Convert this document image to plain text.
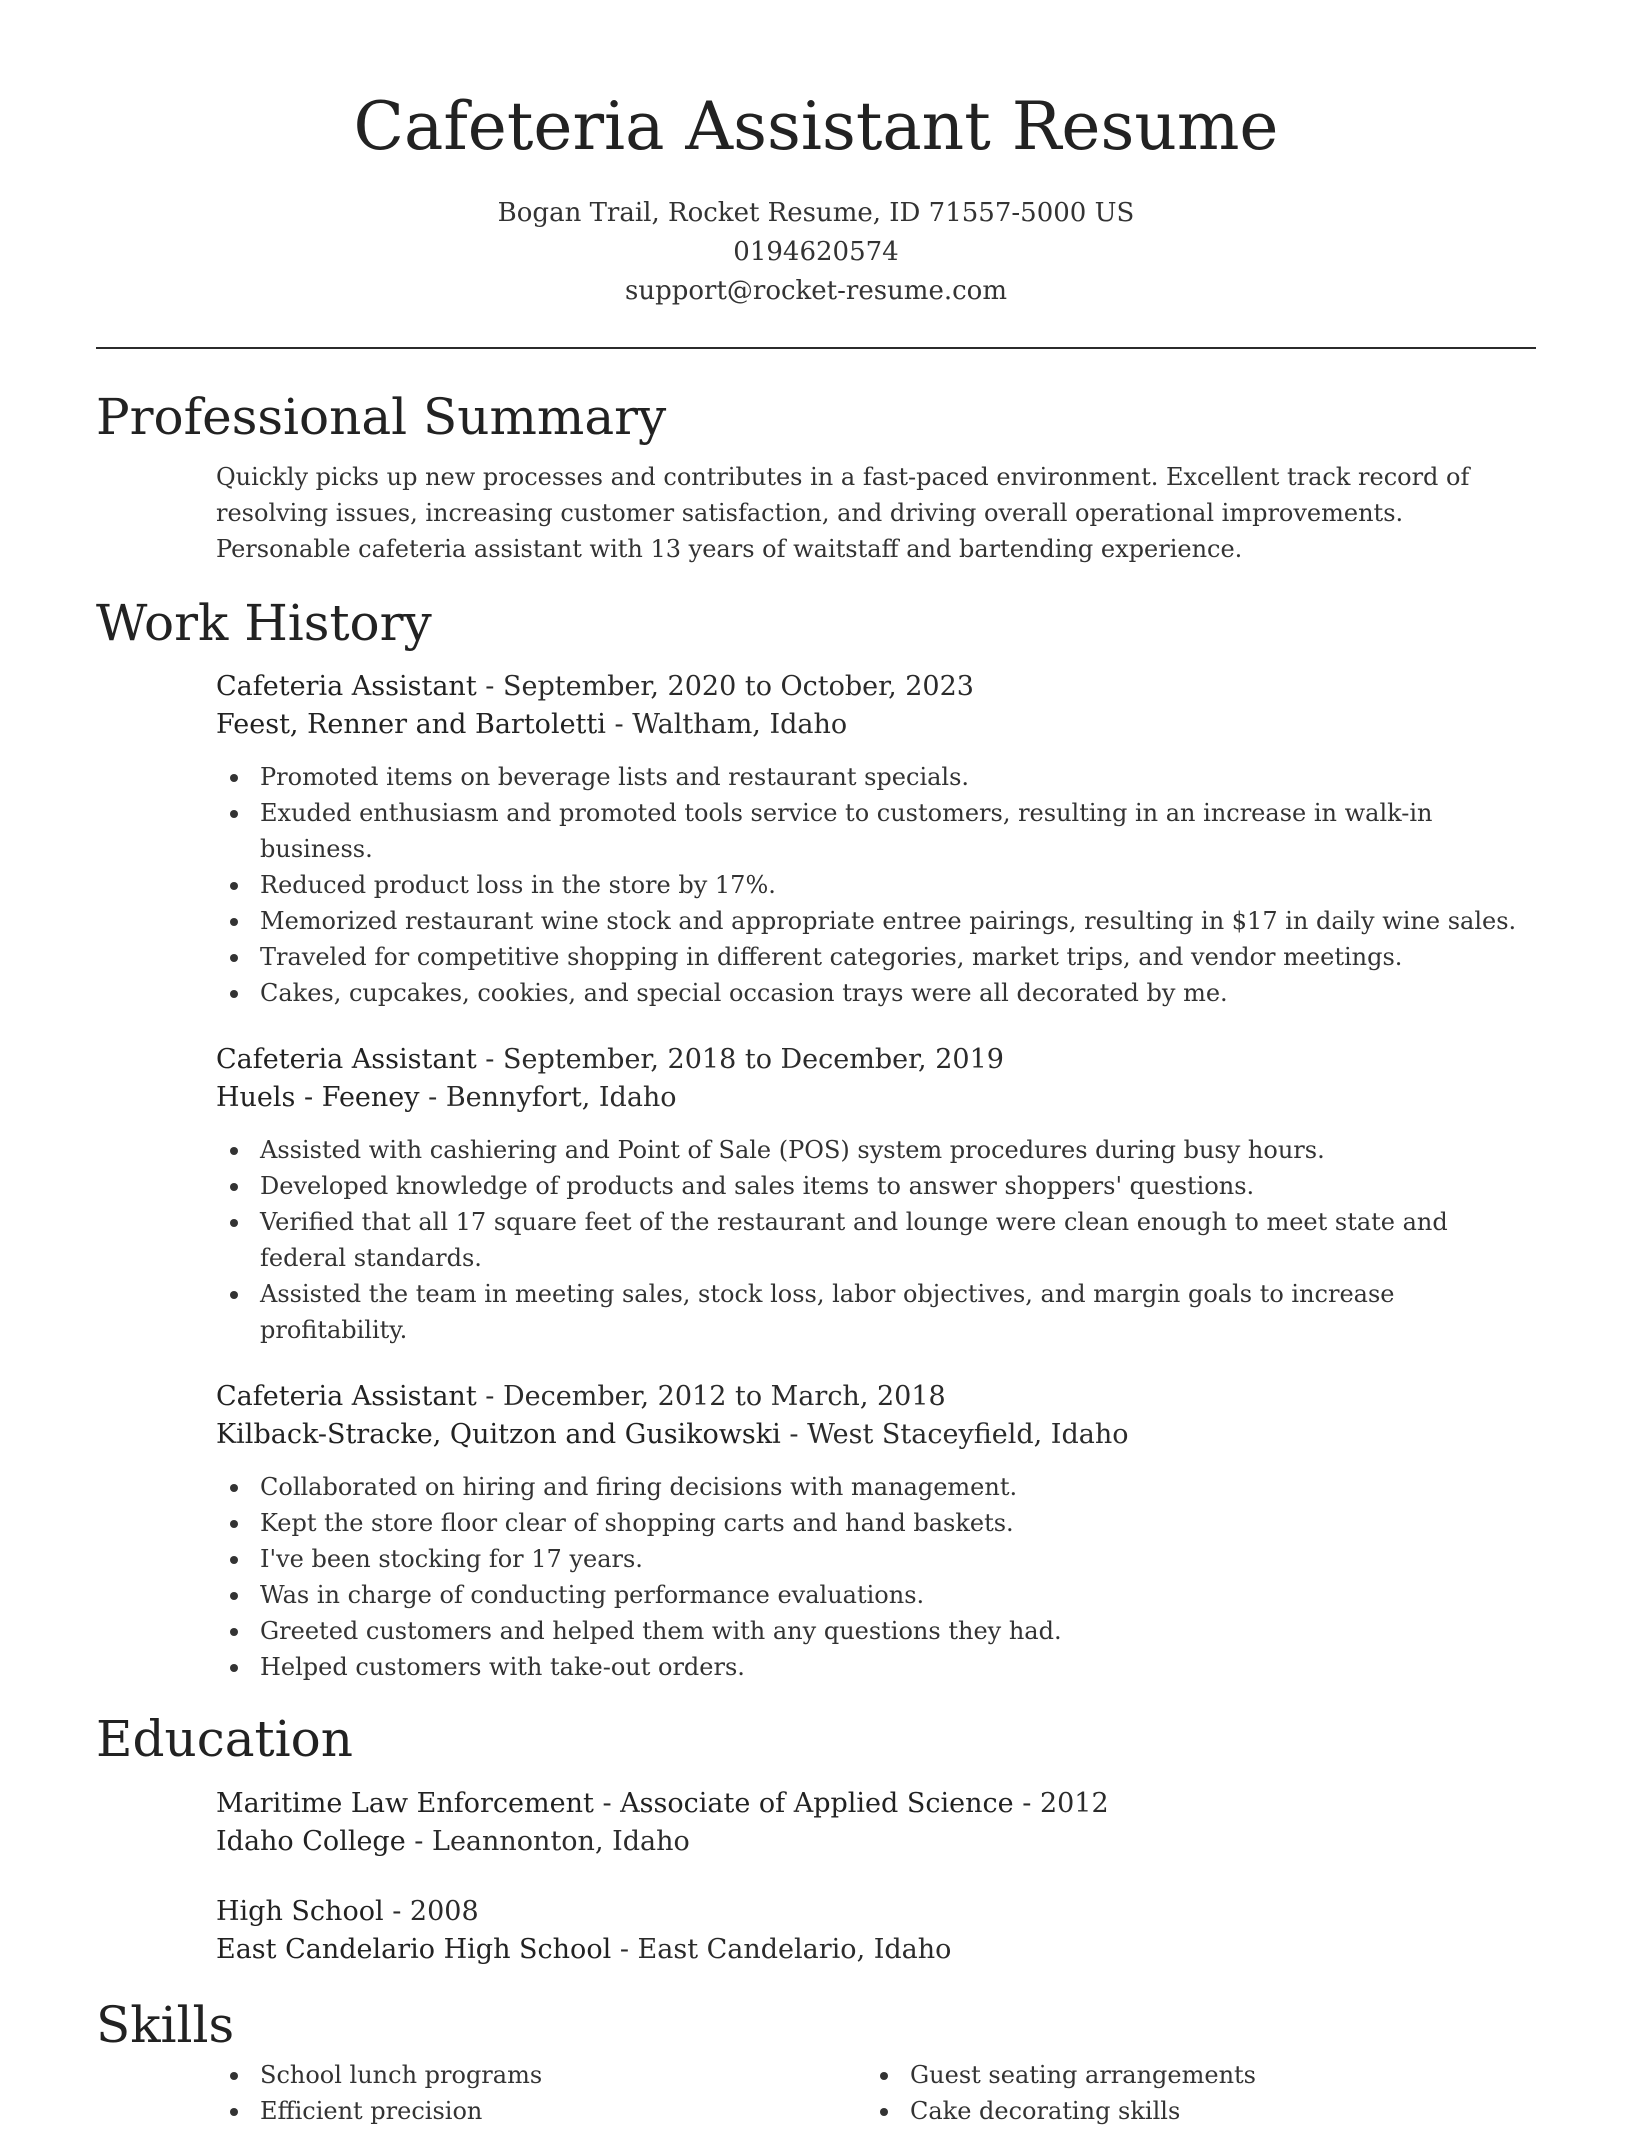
Cafeteria Assistant Resume
Bogan Trail, Rocket Resume, ID 71557-5000 US
0194620574
support@rocket-resume.com
Professional Summary
Quickly picks up new processes and contributes in a fast-paced environment. Excellent track record of resolving issues, increasing customer satisfaction, and driving overall operational improvements. Personable cafeteria assistant with 13 years of waitstaff and bartending experience.
Work History
Cafeteria Assistant - September, 2020 to October, 2023
Feest, Renner and Bartoletti - Waltham, Idaho
Promoted items on beverage lists and restaurant specials.
Exuded enthusiasm and promoted tools service to customers, resulting in an increase in walk-in business.
Reduced product loss in the store by 17%.
Memorized restaurant wine stock and appropriate entree pairings, resulting in $17 in daily wine sales.
Traveled for competitive shopping in different categories, market trips, and vendor meetings.
Cakes, cupcakes, cookies, and special occasion trays were all decorated by me.
Cafeteria Assistant - September, 2018 to December, 2019
Huels - Feeney - Bennyfort, Idaho
Assisted with cashiering and Point of Sale (POS) system procedures during busy hours.
Developed knowledge of products and sales items to answer shoppers' questions.
Verified that all 17 square feet of the restaurant and lounge were clean enough to meet state and federal standards.
Assisted the team in meeting sales, stock loss, labor objectives, and margin goals to increase profitability.
Cafeteria Assistant - December, 2012 to March, 2018
Kilback-Stracke, Quitzon and Gusikowski - West Staceyfield, Idaho
Collaborated on hiring and firing decisions with management.
Kept the store floor clear of shopping carts and hand baskets.
I've been stocking for 17 years.
Was in charge of conducting performance evaluations.
Greeted customers and helped them with any questions they had.
Helped customers with take-out orders.
Education
Maritime Law Enforcement - Associate of Applied Science - 2012
Idaho College - Leannonton, Idaho
High School - 2008
East Candelario High School - East Candelario, Idaho
Skills
School lunch programs
Efficient precision
Guest seating arrangements
Cake decorating skills
